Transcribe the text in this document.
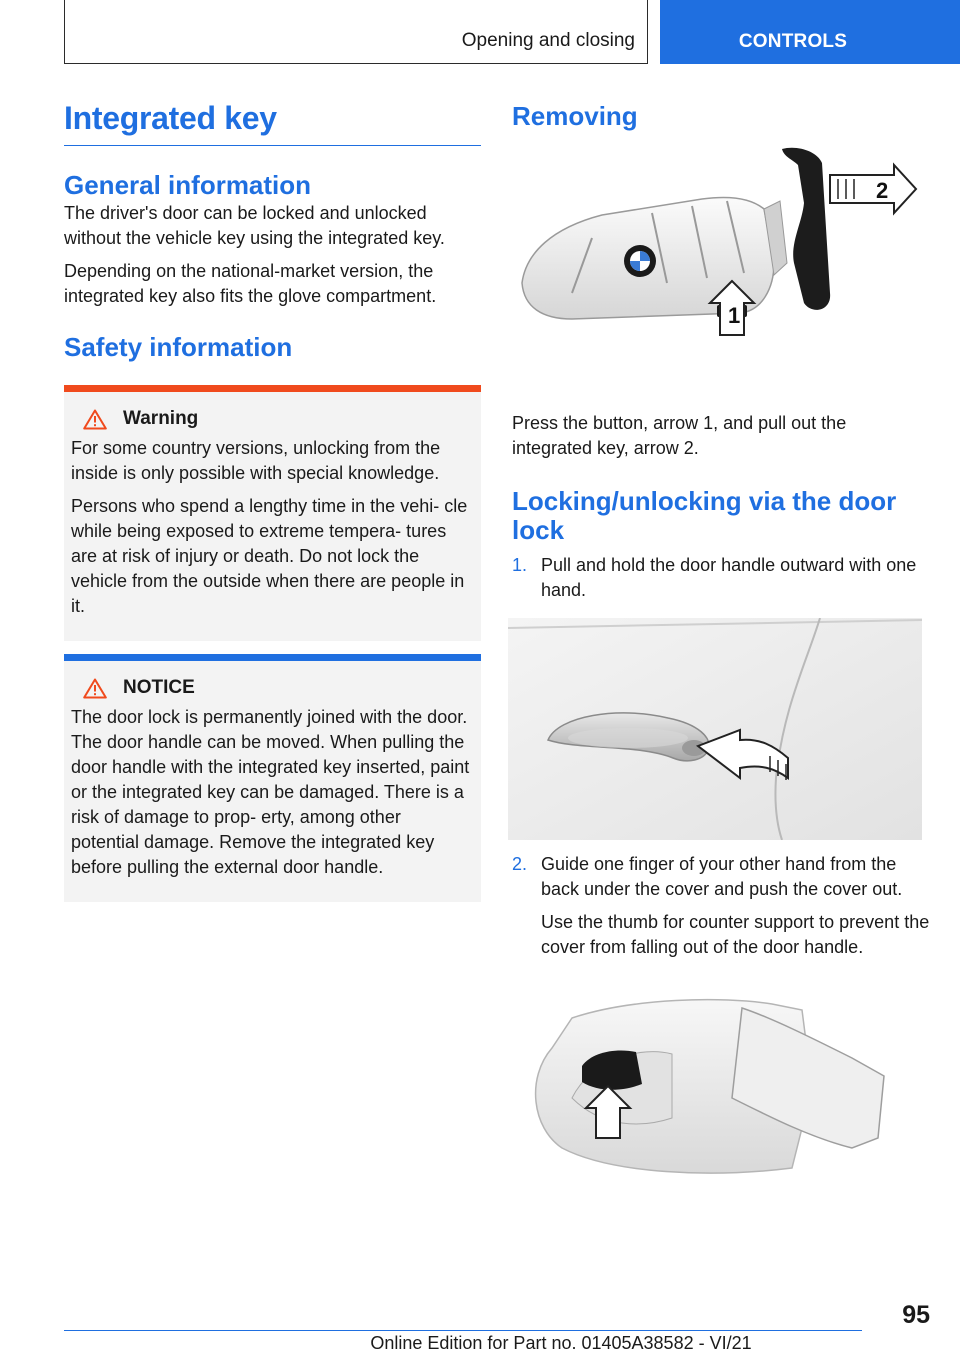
Opening and closing	CONTROLS
Integrated key
General information

The driver's door can be locked and unlocked without the vehicle key using the integrated key.

Depending on the national-market version, the integrated key also fits the glove compartment.

Safety information
Warning

For some country versions, unlocking from the inside is only possible with special knowledge.

Persons who spend a lengthy time in the vehi‐ cle while being exposed to extreme tempera‐ tures are at risk of injury or death. Do not lock the vehicle from the outside when there are people in it.

NOTICE

The door lock is permanently joined with the door. The door handle can be moved. When pulling the door handle with the integrated key inserted, paint or the integrated key can be damaged. There is a risk of damage to prop‐ erty, among other potential damage. Remove the integrated key before pulling the external door handle.

Removing
2
1

Press the button, arrow 1, and pull out the integrated key, arrow 2.

Locking/unlocking via the door lock
1. Pull and hold the door handle outward with one hand.

2. Guide one finger of your other hand from the back under the cover and push the cover out.

Use the thumb for counter support to prevent the cover from falling out of the door handle.

95
Online Edition for Part no. 01405A38582 - VI/21
